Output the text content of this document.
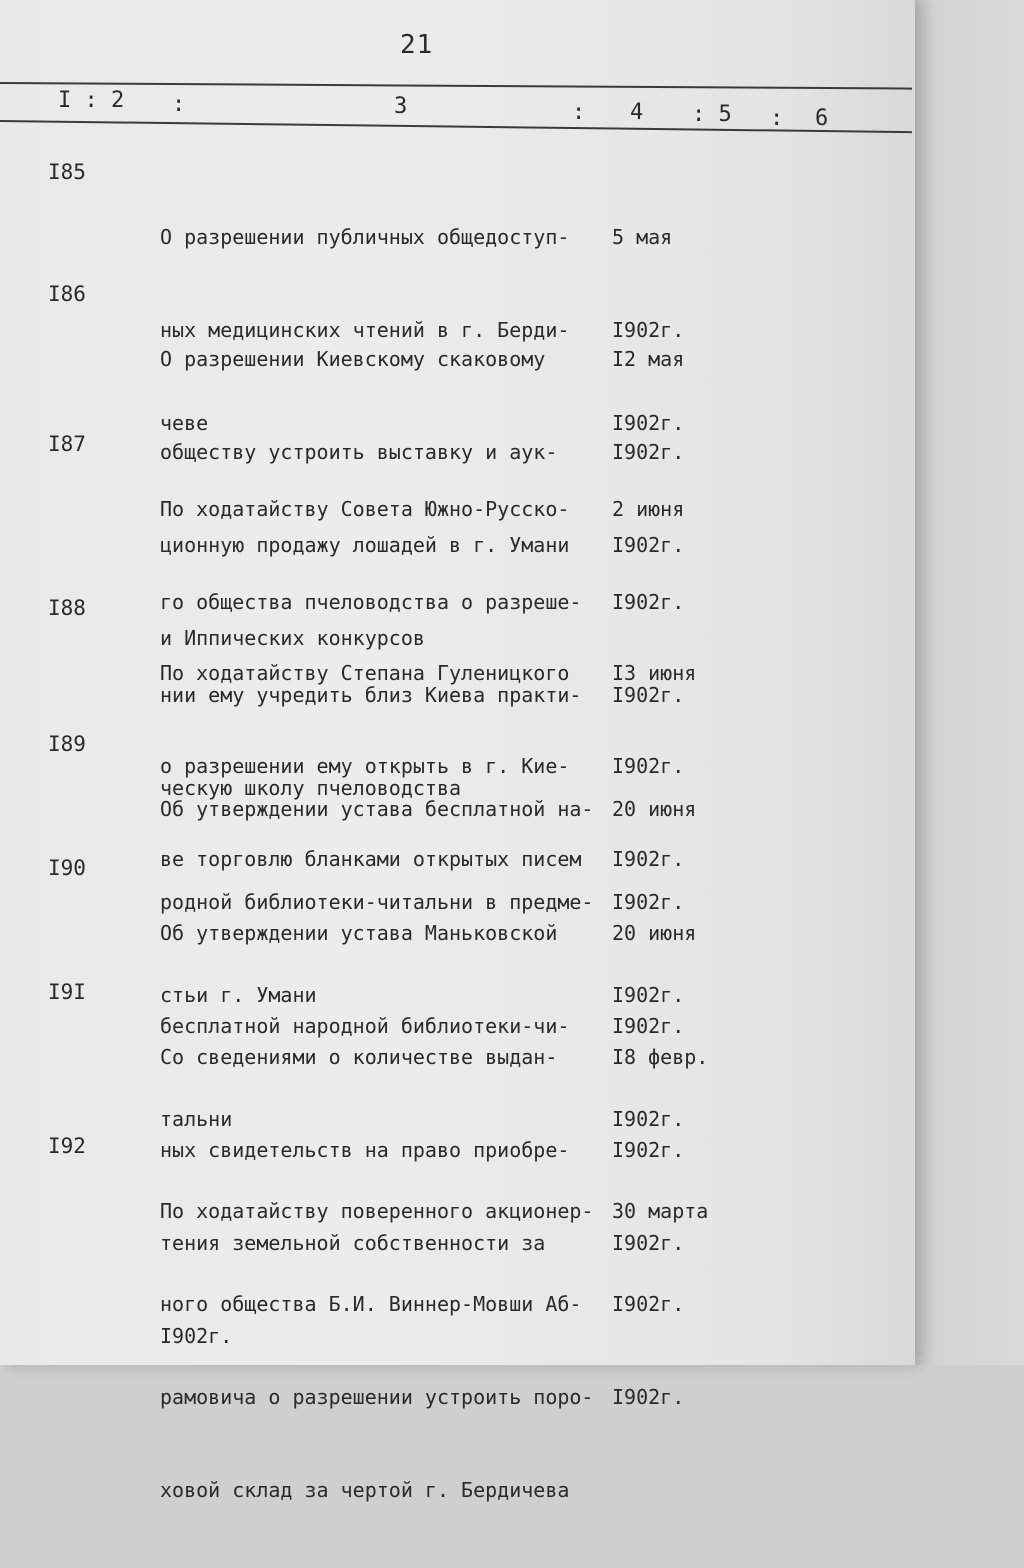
21
I : 2 :	3	: 4 : 5 : 6
I85

О разрешении публичных общедоступ-

ных медицинских чтений в г. Берди-

чеве

5 мая

I902г.

I902г.

I86

О разрешении Киевскому скаковому

обществу устроить выставку и аук-

ционную продажу лошадей в г. Умани

и Иппических конкурсов

I2 мая

I902г.

I902г.

I87

По ходатайству Совета Южно-Русско-

го общества пчеловодства о разреше-

нии ему учредить близ Киева практи-

ческую школу пчеловодства

2 июня

I902г.

I902г.

I88

По ходатайству Степана Гуленицкого

о разрешении ему открыть в г. Кие-

ве торговлю бланками открытых писем

I3 июня

I902г.

I902г.

I89

Об утверждении устава бесплатной на-

родной библиотеки-читальни в предме-

стьи г. Умани

20 июня

I902г.

I902г.

I90

Об утверждении устава Маньковской

бесплатной народной библиотеки-чи-

тальни

20 июня

I902г.

I902г.

I9I

Со сведениями о количестве выдан-

ных свидетельств на право приобре-

тения земельной собственности за

I902г.

I8 февр.

I902г.

I902г.

I92

По ходатайству поверенного акционер-

ного общества Б.И. Виннер-Мовши Аб-

рамовича о разрешении устроить поро-

ховой склад за чертой г. Бердичева

30 марта

I902г.

I902г.
